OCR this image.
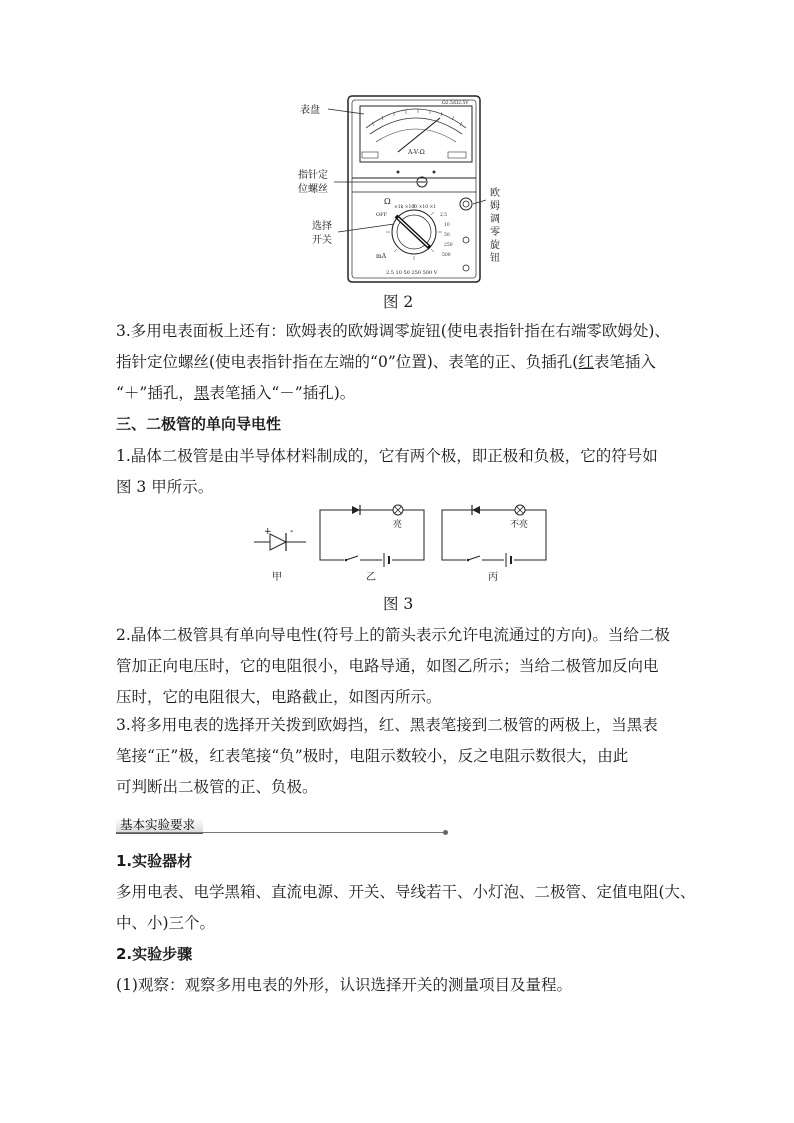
A-V-Ω
Ω2.5/Ω2.5V
Ω
×1k ×100 ×10 ×1
OFF
mA
2.5 10 50 250 500 V
2.5
10
50
250
500
表盘
指针定
位螺丝
选择
开关
欧
姆
调
零
旋
钮
图 2
3.多用电表面板上还有：欧姆表的欧姆调零旋钮(使电表指针指在右端零欧姆处)、
指针定位螺丝(使电表指针指在左端的“0”位置)、表笔的正、负插孔(红表笔插入
“＋”插孔，黑表笔插入“－”插孔)。
三、二极管的单向导电性
1.晶体二极管是由半导体材料制成的，它有两个极，即正极和负极，它的符号如
图 3 甲所示。
+ -
甲
亮
乙
不亮
丙
图 3
2.晶体二极管具有单向导电性(符号上的箭头表示允许电流通过的方向)。当给二极
管加正向电压时，它的电阻很小，电路导通，如图乙所示；当给二极管加反向电
压时，它的电阻很大，电路截止，如图丙所示。
3.将多用电表的选择开关拨到欧姆挡，红、黑表笔接到二极管的两极上，当黑表
笔接“正”极，红表笔接“负”极时，电阻示数较小，反之电阻示数很大，由此
可判断出二极管的正、负极。
基本实验要求
1.实验器材
多用电表、电学黑箱、直流电源、开关、导线若干、小灯泡、二极管、定值电阻(大、
中、小)三个。
2.实验步骤
(1)观察：观察多用电表的外形，认识选择开关的测量项目及量程。
